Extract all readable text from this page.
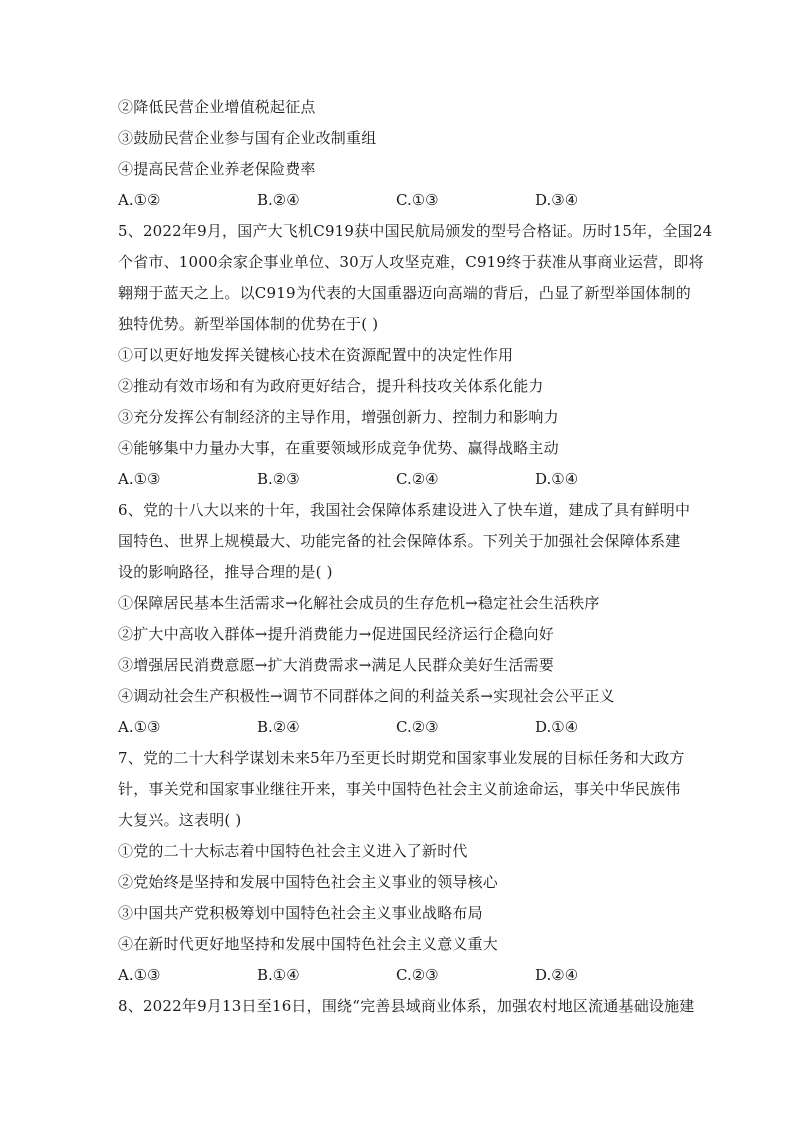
②降低民营企业增值税起征点
③鼓励民营企业参与国有企业改制重组
④提高民营企业养老保险费率
A.①②	B.②④	C.①③	D.③④
5、2022年9月，国产大飞机C919获中国民航局颁发的型号合格证。历时15年，全国24
个省市、1000余家企事业单位、30万人攻坚克难，C919终于获准从事商业运营，即将
翱翔于蓝天之上。以C919为代表的大国重器迈向高端的背后，凸显了新型举国体制的
独特优势。新型举国体制的优势在于( )
①可以更好地发挥关键核心技术在资源配置中的决定性作用
②推动有效市场和有为政府更好结合，提升科技攻关体系化能力
③充分发挥公有制经济的主导作用，增强创新力、控制力和影响力
④能够集中力量办大事，在重要领域形成竞争优势、赢得战略主动
A.①③	B.②③	C.②④	D.①④
6、党的十八大以来的十年，我国社会保障体系建设进入了快车道，建成了具有鲜明中
国特色、世界上规模最大、功能完备的社会保障体系。下列关于加强社会保障体系建
设的影响路径，推导合理的是( )
①保障居民基本生活需求→化解社会成员的生存危机→稳定社会生活秩序
②扩大中高收入群体→提升消费能力→促进国民经济运行企稳向好
③增强居民消费意愿→扩大消费需求→满足人民群众美好生活需要
④调动社会生产积极性→调节不同群体之间的利益关系→实现社会公平正义
A.①③	B.②④	C.②③	D.①④
7、党的二十大科学谋划未来5年乃至更长时期党和国家事业发展的目标任务和大政方
针，事关党和国家事业继往开来，事关中国特色社会主义前途命运，事关中华民族伟
大复兴。这表明( )
①党的二十大标志着中国特色社会主义进入了新时代
②党始终是坚持和发展中国特色社会主义事业的领导核心
③中国共产党积极筹划中国特色社会主义事业战略布局
④在新时代更好地坚持和发展中国特色社会主义意义重大
A.①③	B.①④	C.②③	D.②④
8、2022年9月13日至16日，围绕“完善县域商业体系，加强农村地区流通基础设施建
